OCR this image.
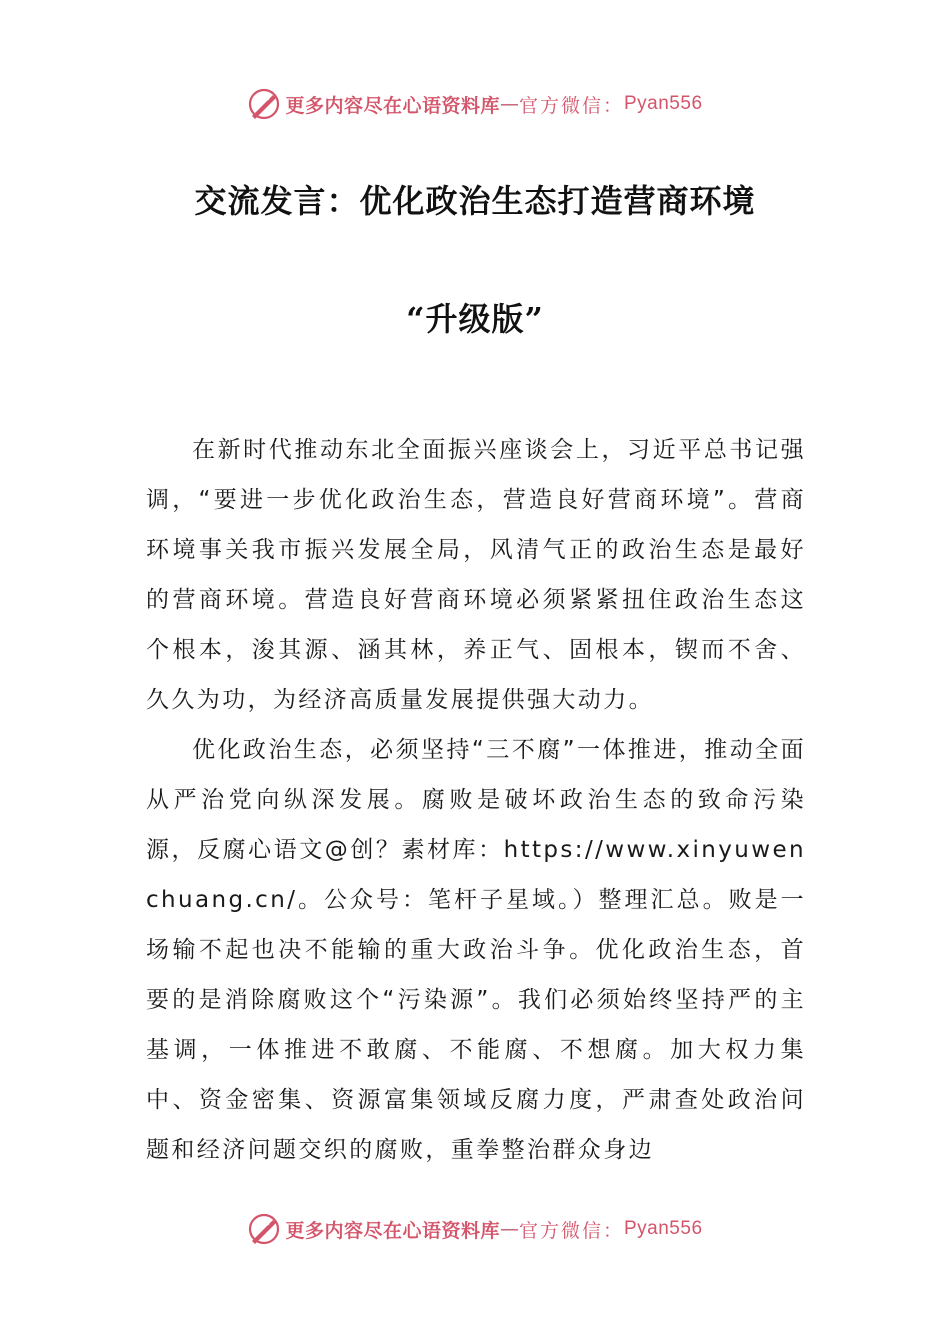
更多内容尽在心语资料库 — 官方微信： Pyan556
交流发言：优化政治生态打造营商环境
“升级版”

在新时代推动东北全面振兴座谈会上，习近平总书记强调，“要进一步优化政治生态，营造良好营商环境”。营商环境事关我市振兴发展全局，风清气正的政治生态是最好的营商环境。营造良好营商环境必须紧紧扭住政治生态这个根本，浚其源、涵其林，养正气、固根本，锲而不舍、久久为功，为经济高质量发展提供强大动力。

优化政治生态，必须坚持“三不腐”一体推进，推动全面从严治党向纵深发展。腐败是破坏政治生态的致命污染源，反腐心语文@创？素材库：https://www.xinyuwenchuang.cn/。公众号：笔杆子星域。）整理汇总。败是一场输不起也决不能输的重大政治斗争。优化政治生态，首要的是消除腐败这个“污染源”。我们必须始终坚持严的主基调，一体推进不敢腐、不能腐、不想腐。加大权力集中、资金密集、资源富集领域反腐力度，严肃查处政治问题和经济问题交织的腐败，重拳整治群众身边

更多内容尽在心语资料库 — 官方微信： Pyan556
